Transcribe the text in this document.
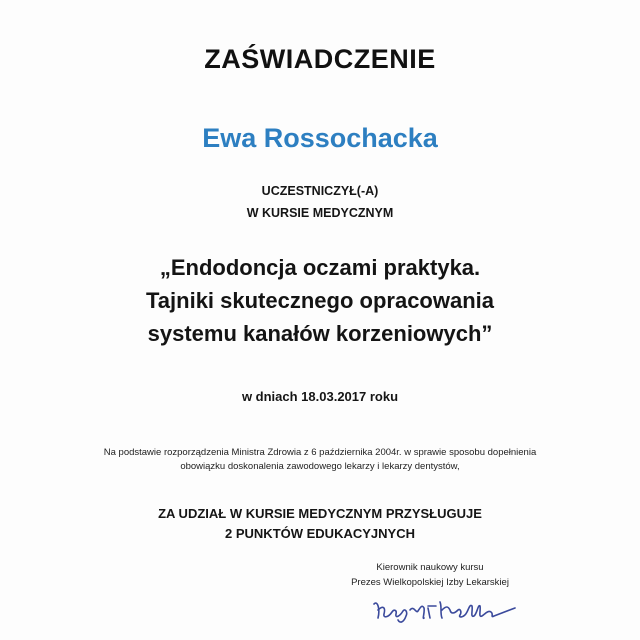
ZAŚWIADCZENIE
Ewa Rossochacka
UCZESTNICZYŁ(-A)
W KURSIE MEDYCZNYM
„Endodoncja oczami praktyka.
Tajniki skutecznego opracowania
systemu kanałów korzeniowych”
w dniach 18.03.2017 roku
Na podstawie rozporządzenia Ministra Zdrowia z 6 października 2004r. w sprawie sposobu dopełnienia
obowiązku doskonalenia zawodowego lekarzy i lekarzy dentystów,
ZA UDZIAŁ W KURSIE MEDYCZNYM PRZYSŁUGUJE
2 PUNKTÓW EDUKACYJNYCH
Kierownik naukowy kursu
Prezes Wielkopolskiej Izby Lekarskiej
